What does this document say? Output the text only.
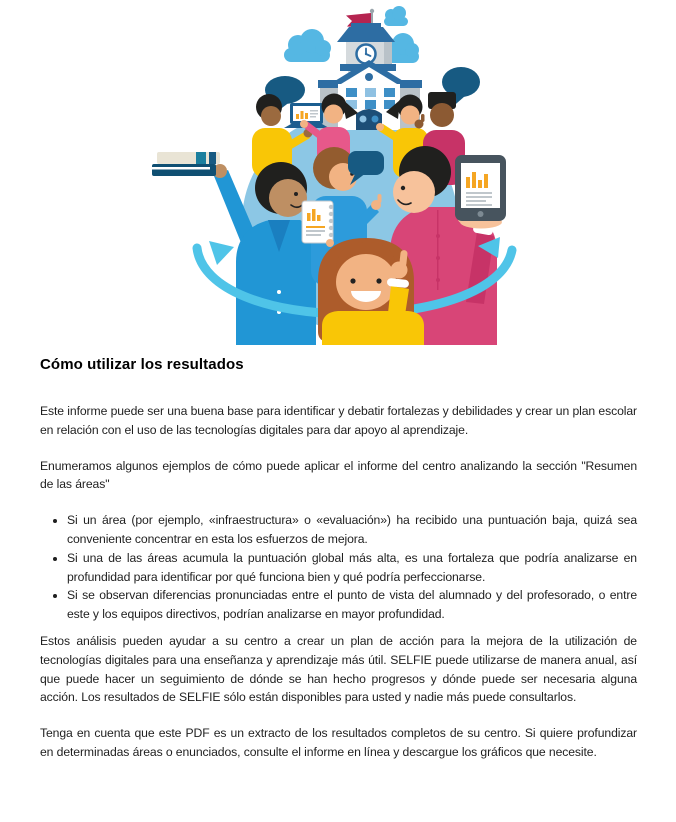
Cómo utilizar los resultados

Este informe puede ser una buena base para identificar y debatir fortalezas y debilidades y crear un plan escolar en relación con el uso de las tecnologías digitales para dar apoyo al aprendizaje.

Enumeramos algunos ejemplos de cómo puede aplicar el informe del centro analizando la sección "Resumen de las áreas"

• Si un área (por ejemplo, «infraestructura» o «evaluación») ha recibido una puntuación baja, quizá sea conveniente concentrar en esta los esfuerzos de mejora.
• Si una de las áreas acumula la puntuación global más alta, es una fortaleza que podría analizarse en profundidad para identificar por qué funciona bien y qué podría perfeccionarse.
• Si se observan diferencias pronunciadas entre el punto de vista del alumnado y del profesorado, o entre este y los equipos directivos, podrían analizarse en mayor profundidad.

Estos análisis pueden ayudar a su centro a crear un plan de acción para la mejora de la utilización de tecnologías digitales para una enseñanza y aprendizaje más útil. SELFIE puede utilizarse de manera anual, así que puede hacer un seguimiento de dónde se han hecho progresos y dónde puede ser necesaria alguna acción. Los resultados de SELFIE sólo están disponibles para usted y nadie más puede consultarlos.

Tenga en cuenta que este PDF es un extracto de los resultados completos de su centro. Si quiere profundizar en determinadas áreas o enunciados, consulte el informe en línea y descargue los gráficos que necesite.
